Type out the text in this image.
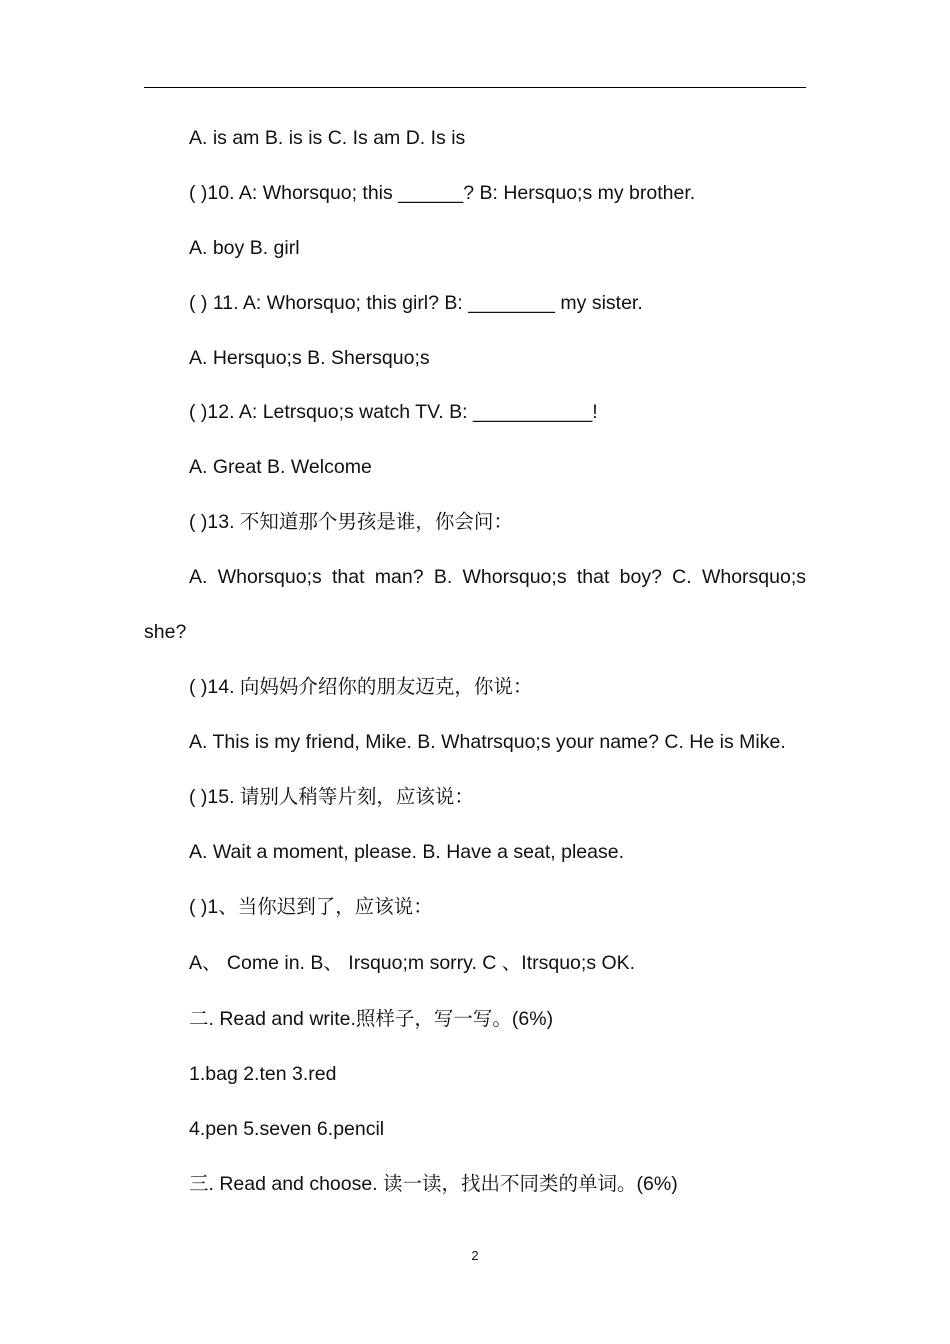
A. is am B. is is C. Is am D. Is is
( )10. A: Whorsquo; this ______? B: Hersquo;s my brother.
A. boy B. girl
( ) 11. A: Whorsquo; this girl? B: ________ my sister.
A. Hersquo;s B. Shersquo;s
( )12. A: Letrsquo;s watch TV. B: ___________!
A. Great B. Welcome
( )13. 不知道那个男孩是谁，你会问：
A. Whorsquo;s that man? B. Whorsquo;s that boy? C. Whorsquo;s
she?
( )14. 向妈妈介绍你的朋友迈克，你说：
A. This is my friend, Mike. B. Whatrsquo;s your name? C. He is Mike.
( )15. 请别人稍等片刻，应该说：
A. Wait a moment, please. B. Have a seat, please.
( )1、当你迟到了，应该说：
A、 Come in. B、 Irsquo;m sorry. C 、Itrsquo;s OK.
二. Read and write.照样子，写一写。(6%)
1.bag 2.ten 3.red
4.pen 5.seven 6.pencil
三. Read and choose. 读一读，找出不同类的单词。(6%)
2
